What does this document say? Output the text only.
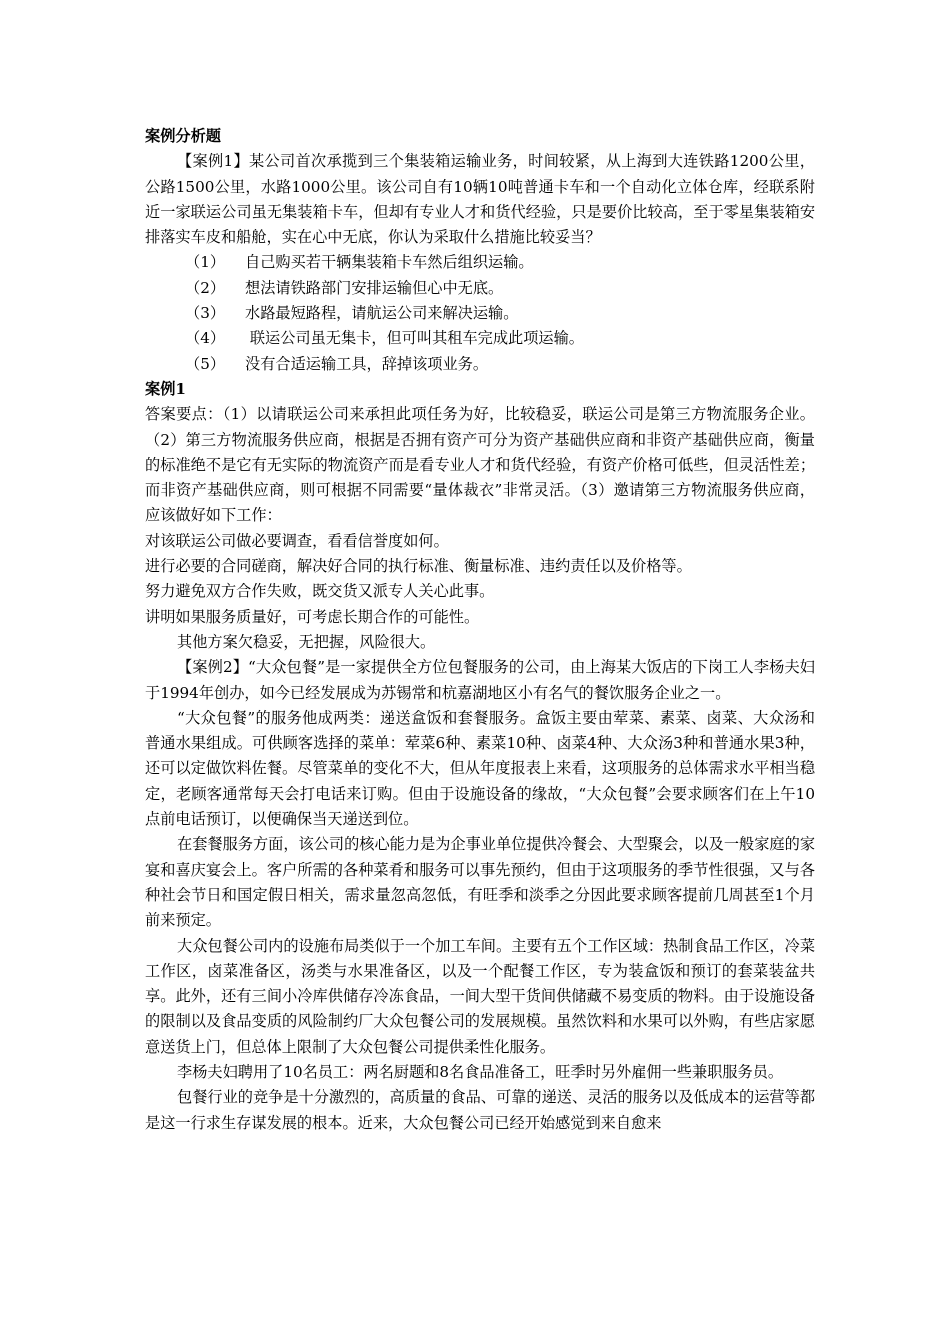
案例分析题

【案例1】某公司首次承揽到三个集装箱运输业务，时间较紧，从上海到大连铁路1200公里，公路1500公里，水路1000公里。该公司自有10辆10吨普通卡车和一个自动化立体仓库，经联系附近一家联运公司虽无集装箱卡车，但却有专业人才和货代经验，只是要价比较高，至于零星集装箱安排落实车皮和船舱，实在心中无底，你认为采取什么措施比较妥当？

（1） 自己购买若干辆集装箱卡车然后组织运输。

（2） 想法请铁路部门安排运输但心中无底。

（3） 水路最短路程，请航运公司来解决运输。

（4） 联运公司虽无集卡，但可叫其租车完成此项运输。

（5） 没有合适运输工具，辞掉该项业务。

案例1

答案要点：（1）以请联运公司来承担此项任务为好，比较稳妥，联运公司是第三方物流服务企业。（2）第三方物流服务供应商，根据是否拥有资产可分为资产基础供应商和非资产基础供应商，衡量的标准绝不是它有无实际的物流资产而是看专业人才和货代经验，有资产价格可低些，但灵活性差；而非资产基础供应商，则可根据不同需要“量体裁衣”非常灵活。（3）邀请第三方物流服务供应商，应该做好如下工作：

对该联运公司做必要调查，看看信誉度如何。

进行必要的合同磋商，解决好合同的执行标准、衡量标准、违约责任以及价格等。

努力避免双方合作失败，既交货又派专人关心此事。

讲明如果服务质量好，可考虑长期合作的可能性。

其他方案欠稳妥，无把握，风险很大。

【案例2】“大众包餐”是一家提供全方位包餐服务的公司，由上海某大饭店的下岗工人李杨夫妇于1994年创办，如今已经发展成为苏锡常和杭嘉湖地区小有名气的餐饮服务企业之一。

“大众包餐”的服务他成两类：递送盒饭和套餐服务。盒饭主要由荤菜、素菜、卤菜、大众汤和普通水果组成。可供顾客选择的菜单：荤菜6种、素菜10种、卤菜4种、大众汤3种和普通水果3种，还可以定做饮料佐餐。尽管菜单的变化不大，但从年度报表上来看，这项服务的总体需求水平相当稳定，老顾客通常每天会打电话来订购。但由于设施设备的缘故，“大众包餐”会要求顾客们在上午10点前电话预订，以便确保当天递送到位。

在套餐服务方面，该公司的核心能力是为企事业单位提供冷餐会、大型聚会，以及一般家庭的家宴和喜庆宴会上。客户所需的各种菜肴和服务可以事先预约，但由于这项服务的季节性很强，又与各种社会节日和国定假日相关，需求量忽高忽低，有旺季和淡季之分因此要求顾客提前几周甚至1个月前来预定。

大众包餐公司内的设施布局类似于一个加工车间。主要有五个工作区域：热制食品工作区，冷菜工作区，卤菜准备区，汤类与水果准备区，以及一个配餐工作区，专为装盒饭和预订的套菜装盆共享。此外，还有三间小冷库供储存冷冻食品，一间大型干货间供储藏不易变质的物料。由于设施设备的限制以及食品变质的风险制约厂大众包餐公司的发展规模。虽然饮料和水果可以外购，有些店家愿意送货上门，但总体上限制了大众包餐公司提供柔性化服务。

李杨夫妇聘用了10名员工：两名厨题和8名食品准备工，旺季时另外雇佣一些兼职服务员。

包餐行业的竞争是十分激烈的，高质量的食品、可靠的递送、灵活的服务以及低成本的运营等都是这一行求生存谋发展的根本。近来，大众包餐公司已经开始感觉到来自愈来
